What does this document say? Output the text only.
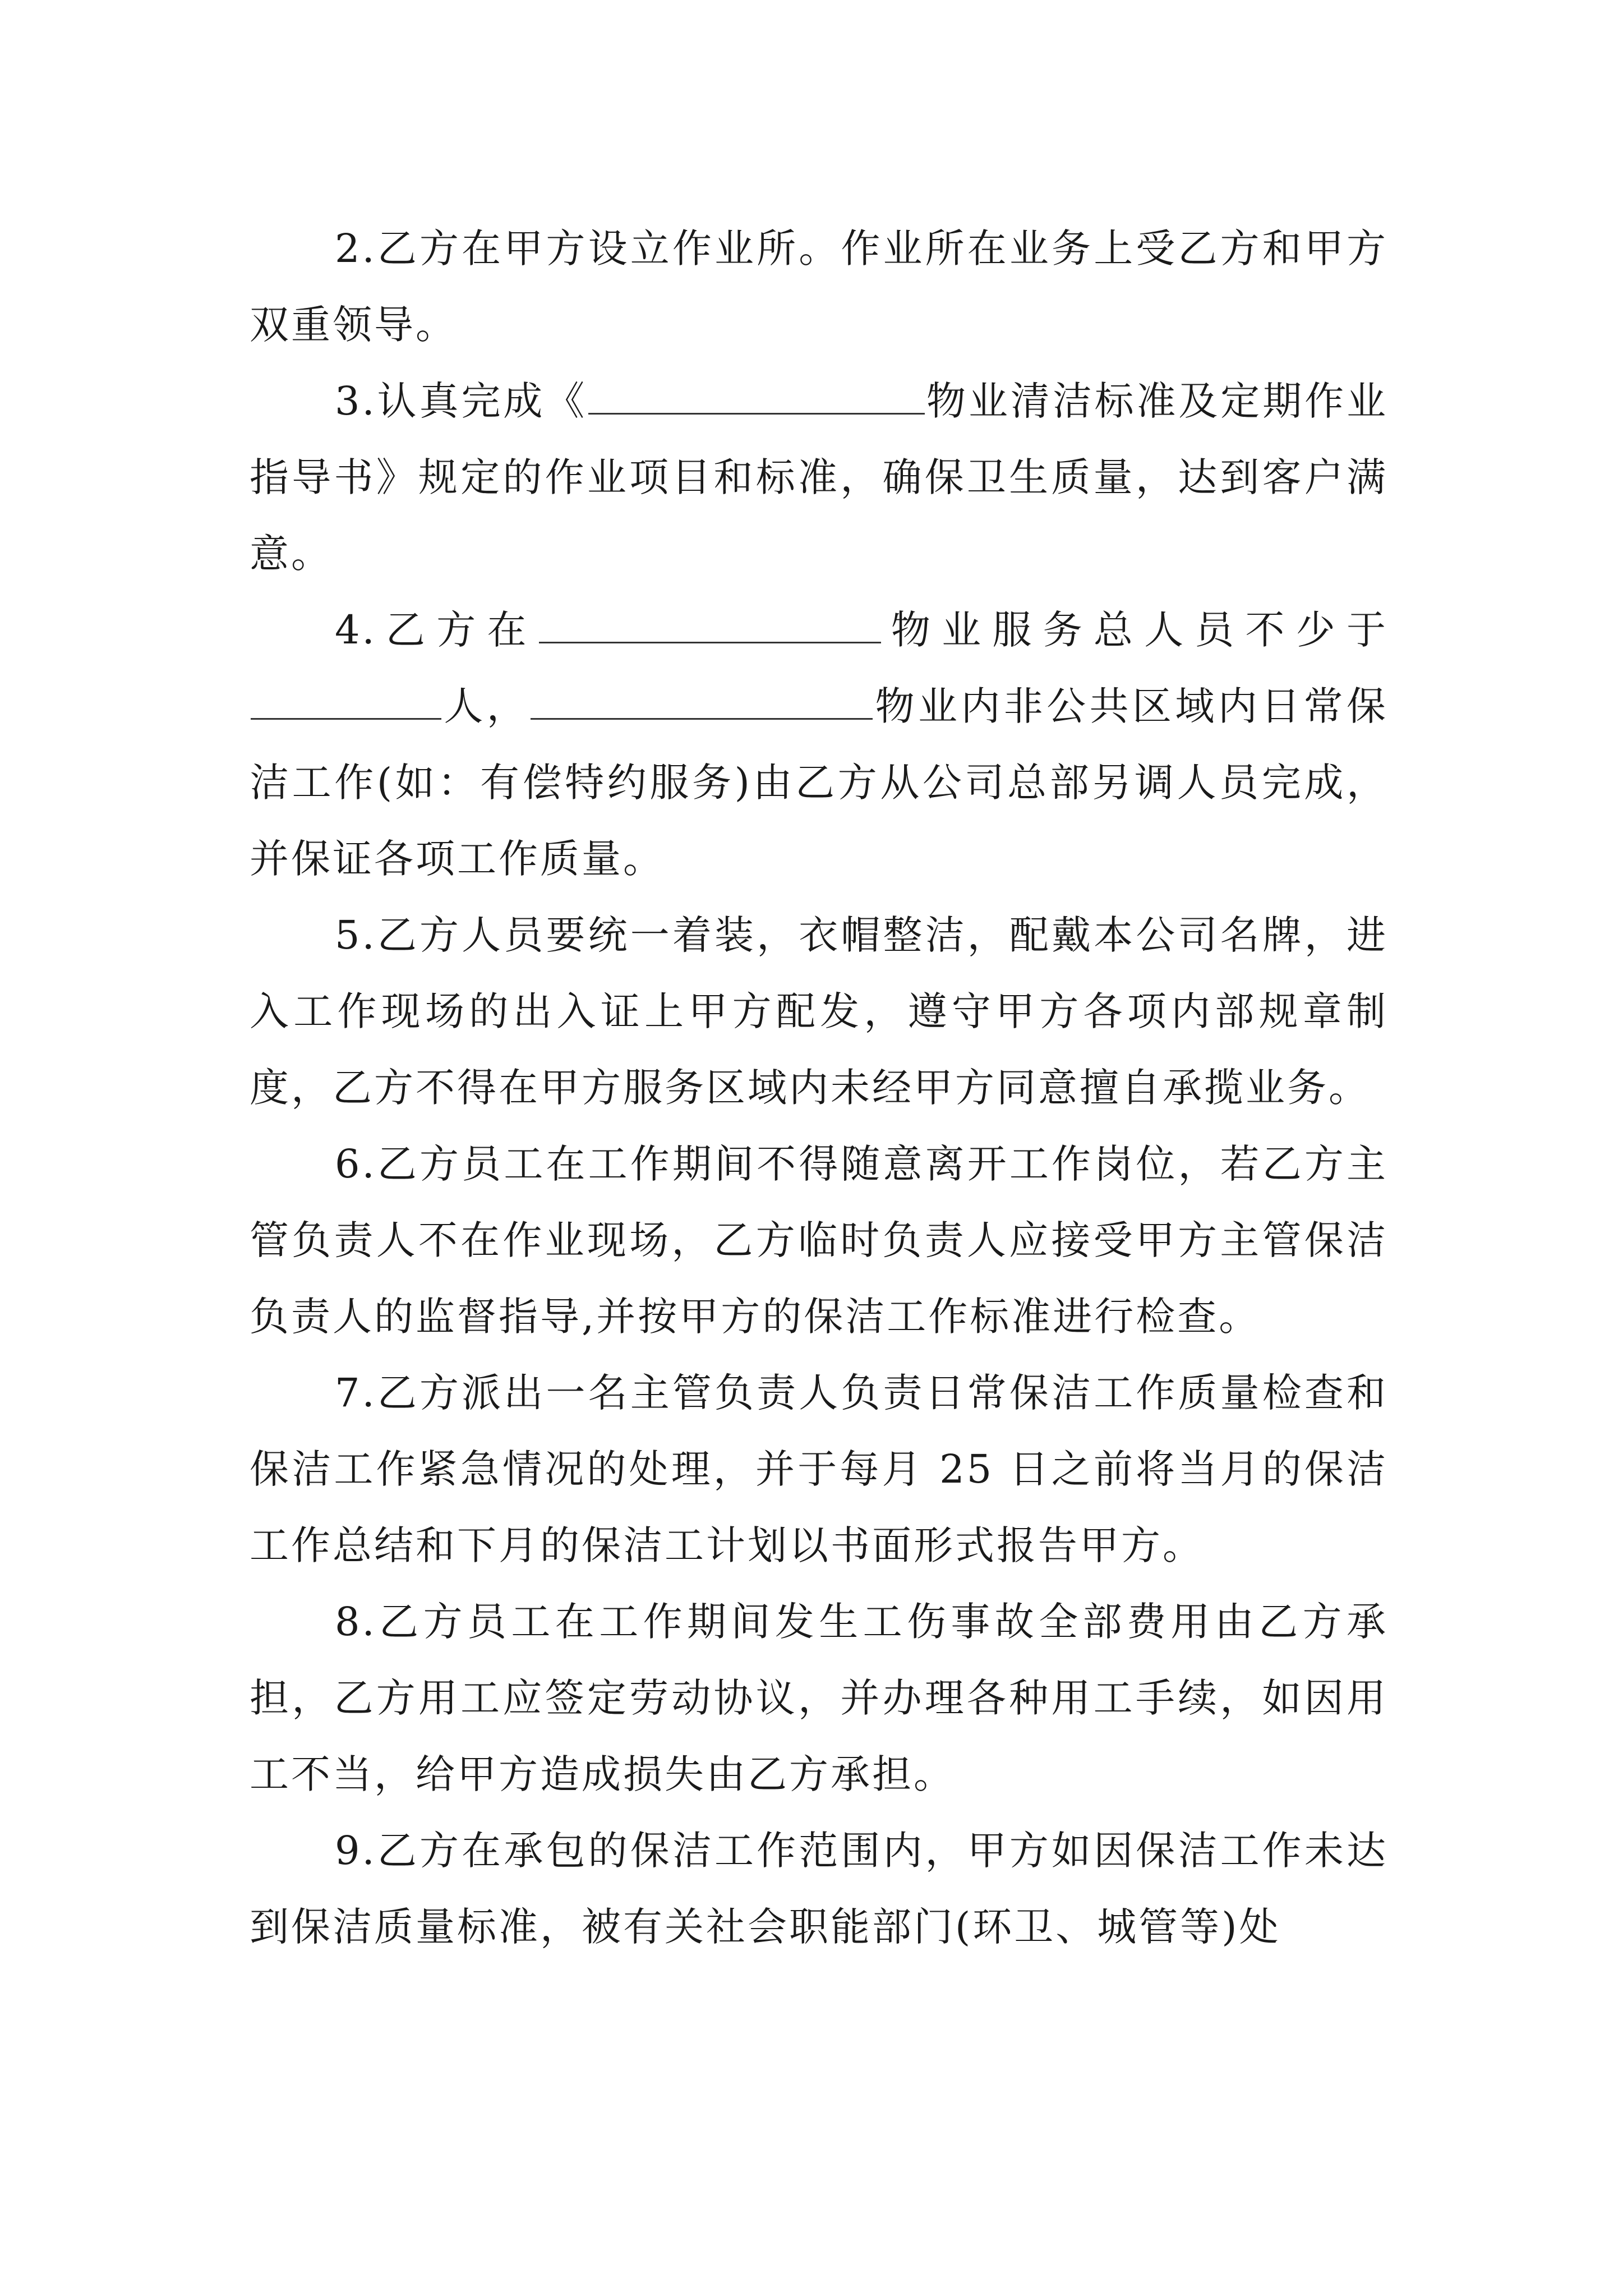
2.乙方在甲方设立作业所。作业所在业务上受乙方和甲方双重领导。

3.认真完成《	物业清洁标准及定期作业指导书》规定的作业项目和标准，确保卫生质量，达到客户满意。

4.乙方在	物业服务总人员不少于人，	物业内非公共区域内日常保洁工作(如：有偿特约服务)由乙方从公司总部另调人员完成，并保证各项工作质量。

5.乙方人员要统一着装，衣帽整洁，配戴本公司名牌，进入工作现场的出入证上甲方配发，遵守甲方各项内部规章制度，乙方不得在甲方服务区域内未经甲方同意擅自承揽业务。

6.乙方员工在工作期间不得随意离开工作岗位，若乙方主管负责人不在作业现场，乙方临时负责人应接受甲方主管保洁负责人的监督指导,并按甲方的保洁工作标准进行检查。

7.乙方派出一名主管负责人负责日常保洁工作质量检查和保洁工作紧急情况的处理，并于每月 25 日之前将当月的保洁工作总结和下月的保洁工计划以书面形式报告甲方。

8.乙方员工在工作期间发生工伤事故全部费用由乙方承担，乙方用工应签定劳动协议，并办理各种用工手续，如因用工不当，给甲方造成损失由乙方承担。

9.乙方在承包的保洁工作范围内，甲方如因保洁工作未达到保洁质量标准，被有关社会职能部门(环卫、城管等)处
